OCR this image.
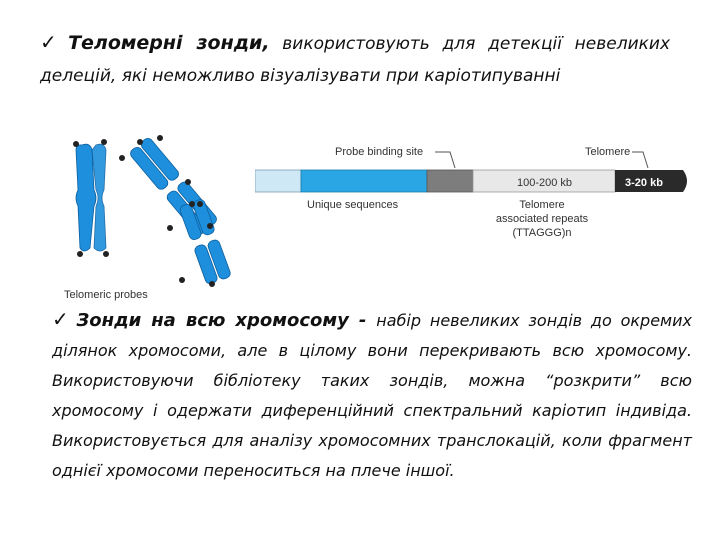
✓ Теломерні зонди, використовують для детекції невеликих делецій, які неможливо візуалізувати при каріотипуванні
Telomeric probes
Probe binding site	Telomere
100-200 kb	3-20 kb
Unique sequences	Telomere
associated repeats
(TTAGGG)n
✓ Зонди на всю хромосому - набір невеликих зондів до окремих ділянок хромосоми, але в цілому вони перекривають всю хромосому. Використовуючи бібліотеку таких зондів, можна “розкрити” всю хромосому і одержати диференційний спектральний каріотип індивіда. Використовується для аналізу хромосомних транслокацій, коли фрагмент однієї хромосоми переноситься на плече іншої.
